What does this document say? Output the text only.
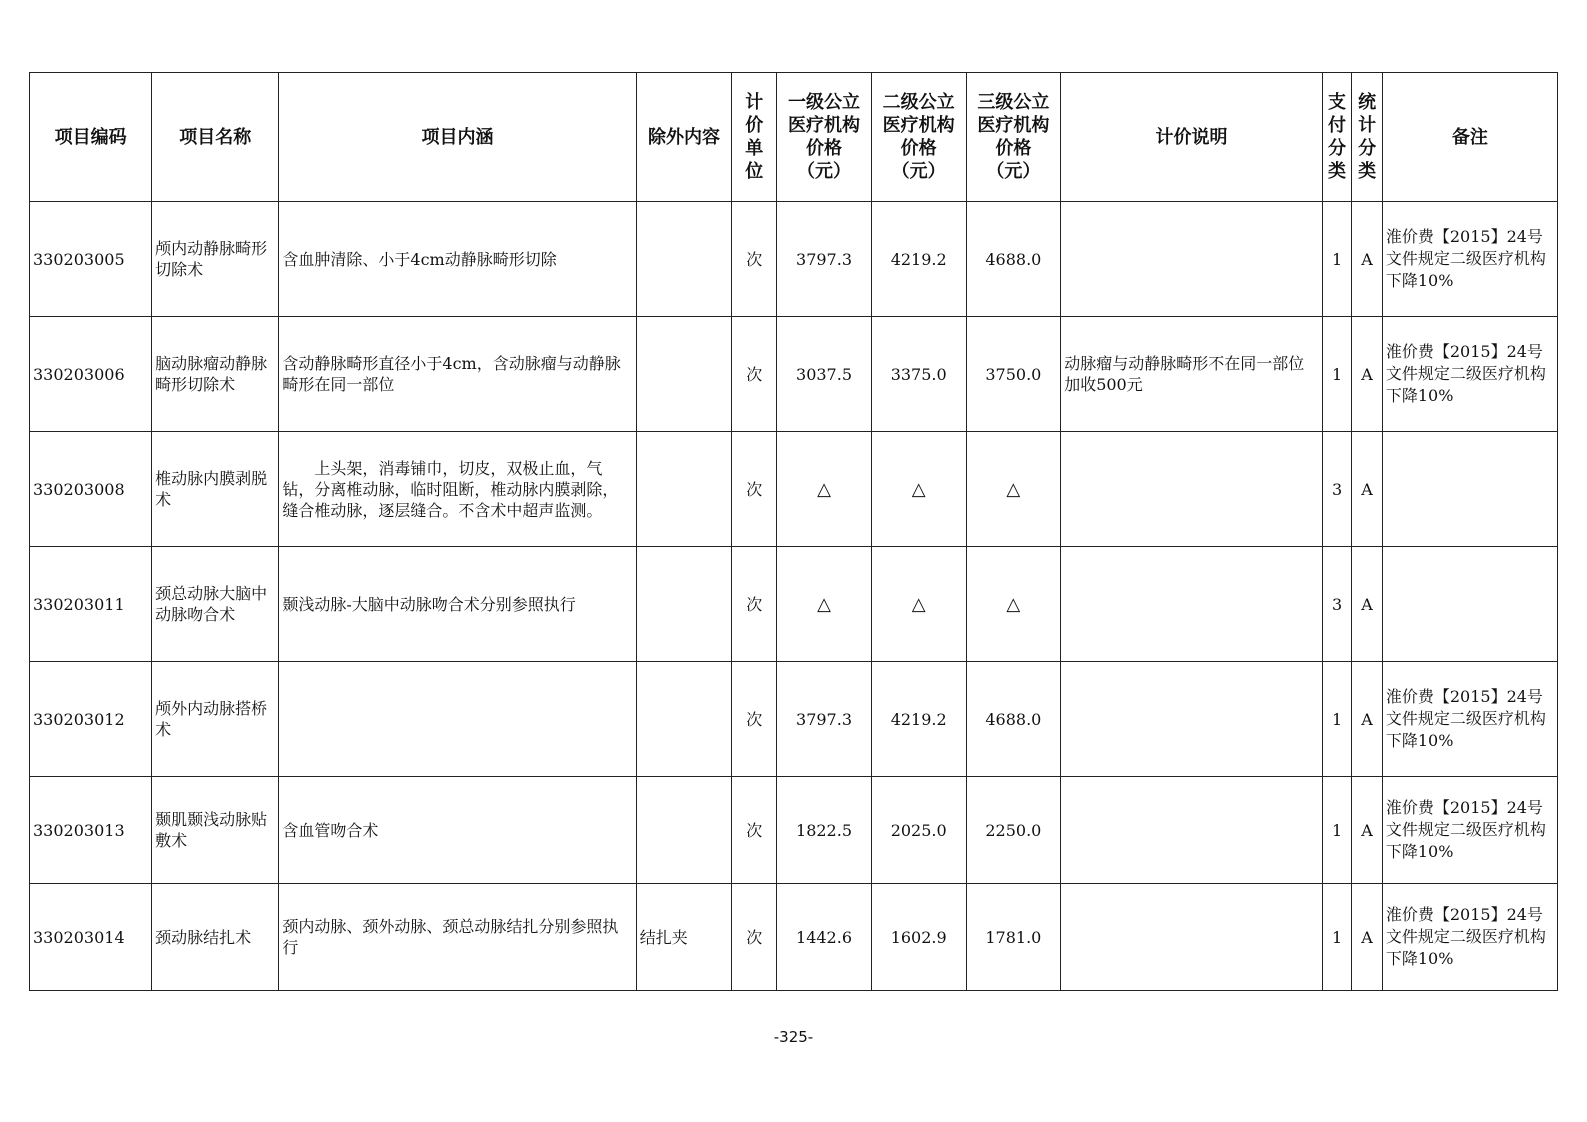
项目编码	项目名称	项目内涵	除外内容	计价单位	一级公立医疗机构价格（元）	二级公立医疗机构价格（元）	三级公立医疗机构价格（元）	计价说明	支付分类	统计分类	备注
330203005	颅内动静脉畸形切除术	含血肿清除、小于4cm动静脉畸形切除		次	3797.3	4219.2	4688.0		1	A	淮价费【2015】24号文件规定二级医疗机构下降10%
330203006	脑动脉瘤动静脉畸形切除术	含动静脉畸形直径小于4cm，含动脉瘤与动静脉畸形在同一部位		次	3037.5	3375.0	3750.0	动脉瘤与动静脉畸形不在同一部位加收500元	1	A	淮价费【2015】24号文件规定二级医疗机构下降10%
330203008	椎动脉内膜剥脱术	上头架，消毒铺巾，切皮，双极止血，气钻，分离椎动脉，临时阻断，椎动脉内膜剥除，缝合椎动脉，逐层缝合。不含术中超声监测。		次	△	△	△		3	A	
330203011	颈总动脉大脑中动脉吻合术	颞浅动脉-大脑中动脉吻合术分别参照执行		次	△	△	△		3	A	
330203012	颅外内动脉搭桥术			次	3797.3	4219.2	4688.0		1	A	淮价费【2015】24号文件规定二级医疗机构下降10%
330203013	颞肌颞浅动脉贴敷术	含血管吻合术		次	1822.5	2025.0	2250.0		1	A	淮价费【2015】24号文件规定二级医疗机构下降10%
330203014	颈动脉结扎术	颈内动脉、颈外动脉、颈总动脉结扎分别参照执行	结扎夹	次	1442.6	1602.9	1781.0		1	A	淮价费【2015】24号文件规定二级医疗机构下降10%
-325-
